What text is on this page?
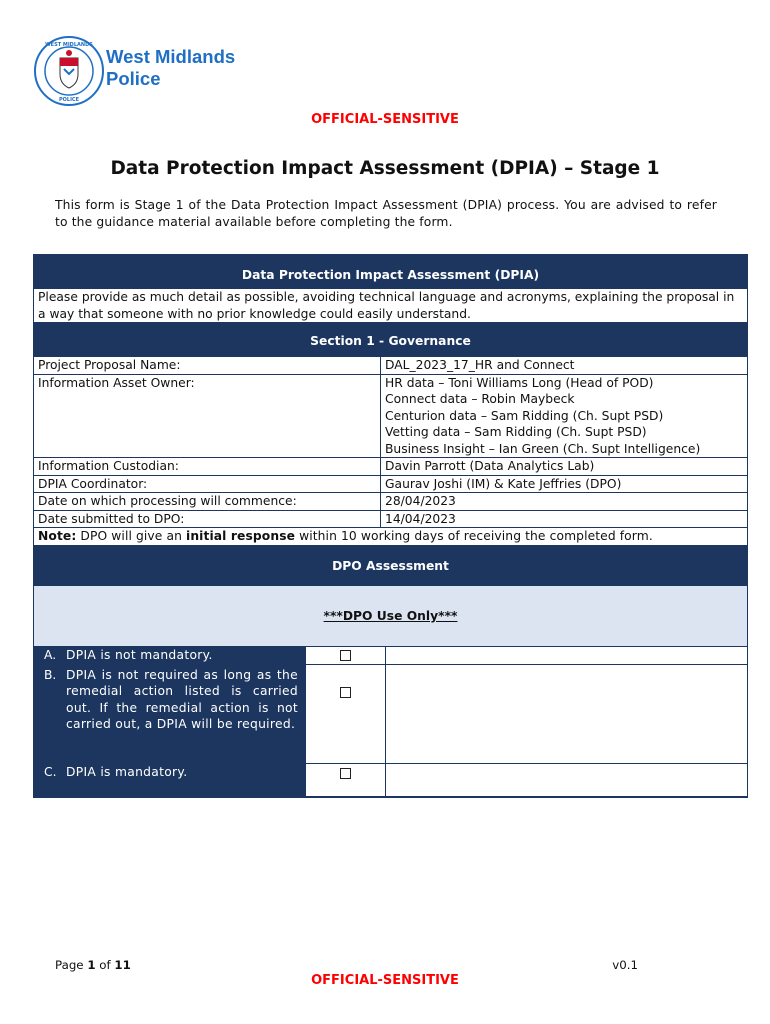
WEST MIDLANDS
POLICE
West Midlands
Police
OFFICIAL-SENSITIVE
Data Protection Impact Assessment (DPIA) – Stage 1
This form is Stage 1 of the Data Protection Impact Assessment (DPIA) process. You are advised to refer to the guidance material available before completing the form.
Data Protection Impact Assessment (DPIA)
Please provide as much detail as possible, avoiding technical language and acronyms, explaining the proposal in a way that someone with no prior knowledge could easily understand.
Section 1 - Governance
Project Proposal Name:	DAL_2023_17_HR and Connect
Information Asset Owner:	HR data – Toni Williams Long (Head of POD)
Connect data – Robin Maybeck
Centurion data – Sam Ridding (Ch. Supt PSD)
Vetting data – Sam Ridding (Ch. Supt PSD)
Business Insight – Ian Green (Ch. Supt Intelligence)
Information Custodian:	Davin Parrott (Data Analytics Lab)
DPIA Coordinator:	Gaurav Joshi (IM) & Kate Jeffries (DPO)
Date on which processing will commence:	28/04/2023
Date submitted to DPO:	14/04/2023
Note: DPO will give an initial response within 10 working days of receiving the completed form.
DPO Assessment
***DPO Use Only***
A. DPIA is not mandatory.
B. DPIA is not required as long as the remedial action listed is carried out. If the remedial action is not carried out, a DPIA will be required.
C. DPIA is mandatory.
Page 1 of 11	v0.1
OFFICIAL-SENSITIVE
